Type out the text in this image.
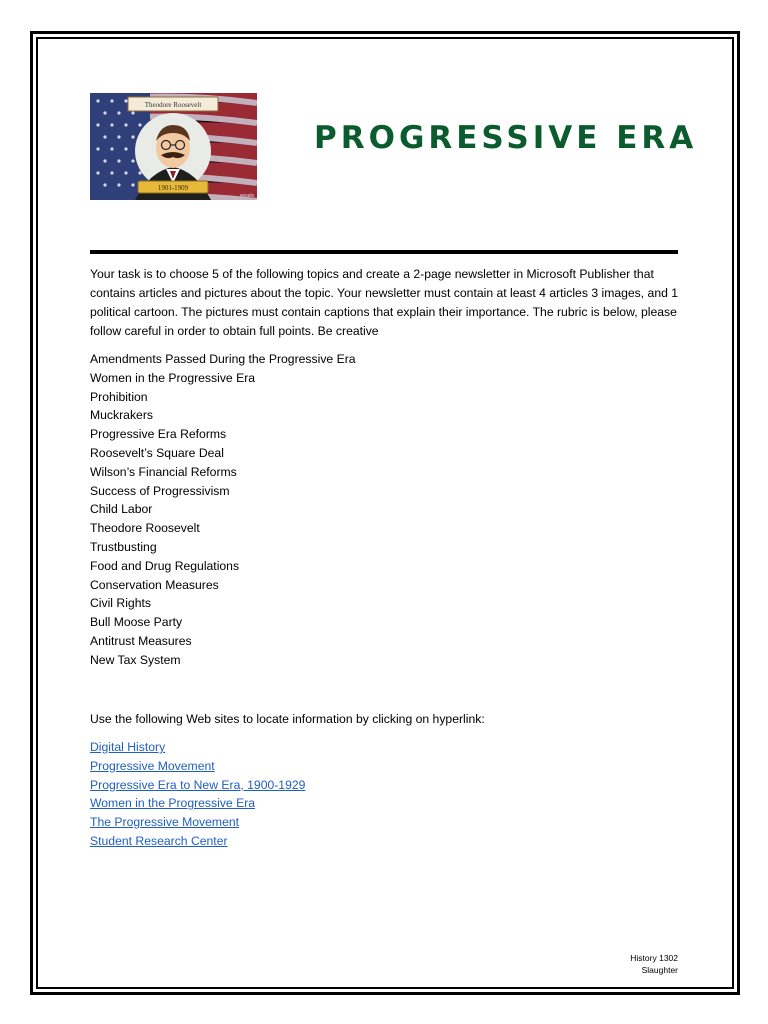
Theodore Roosevelt
1901-1909
vexels
PROGRESSIVE ERA
Your task is to choose 5 of the following topics and create a 2-page newsletter in Microsoft Publisher that contains articles and pictures about the topic. Your newsletter must contain at least 4 articles 3 images, and 1 political cartoon. The pictures must contain captions that explain their importance. The rubric is below, please follow careful in order to obtain full points. Be creative
Amendments Passed During the Progressive Era
Women in the Progressive Era
Prohibition
Muckrakers
Progressive Era Reforms
Roosevelt’s Square Deal
Wilson’s Financial Reforms
Success of Progressivism
Child Labor
Theodore Roosevelt
Trustbusting
Food and Drug Regulations
Conservation Measures
Civil Rights
Bull Moose Party
Antitrust Measures
New Tax System
Use the following Web sites to locate information by clicking on hyperlink:
Digital History
Progressive Movement
Progressive Era to New Era, 1900-1929
Women in the Progressive Era
The Progressive Movement
Student Research Center
History 1302
Slaughter
